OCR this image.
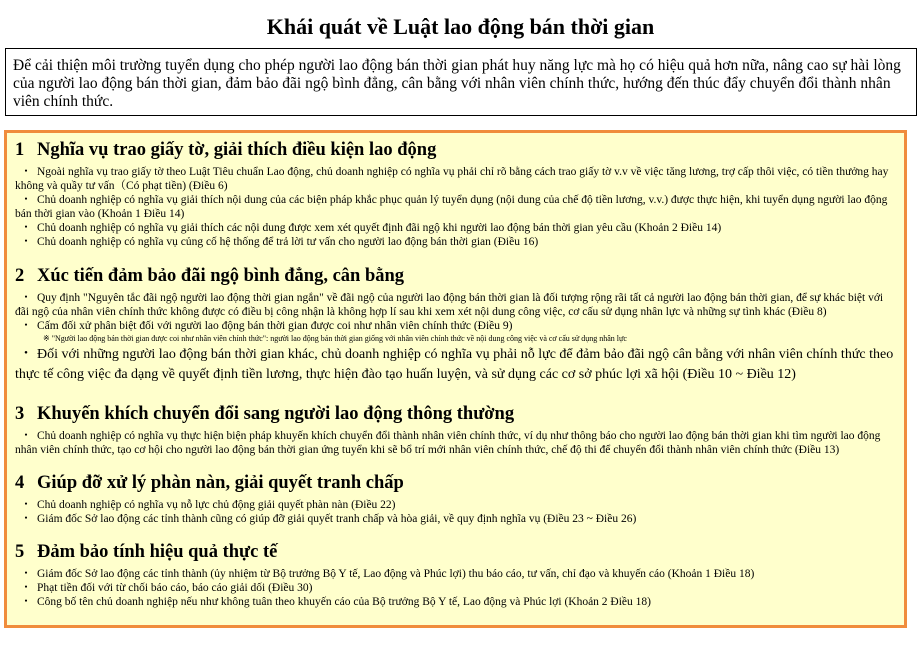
Khái quát về Luật lao động bán thời gian
Để cải thiện môi trường tuyển dụng cho phép người lao động bán thời gian phát huy năng lực mà họ có hiệu quả hơn nữa, nâng cao sự hài lòng của người lao động bán thời gian, đảm bảo đãi ngộ bình đẳng, cân bằng với nhân viên chính thức, hướng đến thúc đẩy chuyển đổi thành nhân viên chính thức.
1 Nghĩa vụ trao giấy tờ, giải thích điều kiện lao động

・ Ngoài nghĩa vụ trao giấy tờ theo Luật Tiêu chuẩn Lao động, chủ doanh nghiệp có nghĩa vụ phải chỉ rõ bằng cách trao giấy tờ v.v về việc tăng lương, trợ cấp thôi việc, có tiền thưởng hay không và quầy tư vấn（Có phạt tiền) (Điều 6)

・ Chủ doanh nghiệp có nghĩa vụ giải thích nội dung của các biện pháp khắc phục quản lý tuyển dụng (nội dung của chế độ tiền lương, v.v.) được thực hiện, khi tuyển dụng người lao động bán thời gian vào (Khoản 1 Điều 14)

・ Chủ doanh nghiệp có nghĩa vụ giải thích các nội dung được xem xét quyết định đãi ngộ khi người lao động bán thời gian yêu cầu (Khoản 2 Điều 14)

・ Chủ doanh nghiệp có nghĩa vụ củng cố hệ thống để trả lời tư vấn cho người lao động bán thời gian (Điều 16)

2 Xúc tiến đảm bảo đãi ngộ bình đẳng, cân bằng

・ Quy định "Nguyên tắc đãi ngộ người lao động thời gian ngắn" về đãi ngộ của người lao động bán thời gian là đối tượng rộng rãi tất cả người lao động bán thời gian, để sự khác biệt với đãi ngộ của nhân viên chính thức không được có điều bị công nhận là không hợp lí sau khi xem xét nội dung công việc, cơ cấu sử dụng nhân lực và những sự tình khác (Điều 8)

・ Cấm đối xử phân biệt đối với người lao động bán thời gian được coi như nhân viên chính thức (Điều 9)

※ "Người lao động bán thời gian được coi như nhân viên chính thức": người lao động bán thời gian giống với nhân viên chính thức về nội dung công việc và cơ cấu sử dụng nhân lực

・ Đối với những người lao động bán thời gian khác, chủ doanh nghiệp có nghĩa vụ phải nỗ lực để đảm bảo đãi ngộ cân bằng với nhân viên chính thức theo thực tế công việc đa dạng về quyết định tiền lương, thực hiện đào tạo huấn luyện, và sử dụng các cơ sở phúc lợi xã hội (Điều 10 ~ Điều 12)

3 Khuyến khích chuyển đổi sang người lao động thông thường

・ Chủ doanh nghiệp có nghĩa vụ thực hiện biện pháp khuyến khích chuyển đổi thành nhân viên chính thức, ví dụ như thông báo cho người lao động bán thời gian khi tìm người lao động nhân viên chính thức, tạo cơ hội cho người lao động bán thời gian ứng tuyển khi sẽ bổ trí mới nhân viên chính thức, chế độ thi để chuyển đổi thành nhân viên chính thức (Điều 13)

4 Giúp đỡ xử lý phàn nàn, giải quyết tranh chấp

・ Chủ doanh nghiệp có nghĩa vụ nỗ lực chủ động giải quyết phàn nàn (Điều 22)

・ Giám đốc Sở lao động các tỉnh thành cũng có giúp đỡ giải quyết tranh chấp và hòa giải, về quy định nghĩa vụ (Điều 23 ~ Điều 26)

5 Đảm bảo tính hiệu quả thực tế

・ Giám đốc Sở lao động các tỉnh thành (ủy nhiệm từ Bộ trưởng Bộ Y tế, Lao động và Phúc lợi) thu báo cáo, tư vấn, chỉ đạo và khuyến cáo (Khoản 1 Điều 18)

・ Phạt tiền đối với từ chối báo cáo, báo cáo giải dối (Điều 30)

・ Công bố tên chủ doanh nghiệp nếu như không tuân theo khuyến cáo của Bộ trưởng Bộ Y tế, Lao động và Phúc lợi (Khoản 2 Điều 18)
